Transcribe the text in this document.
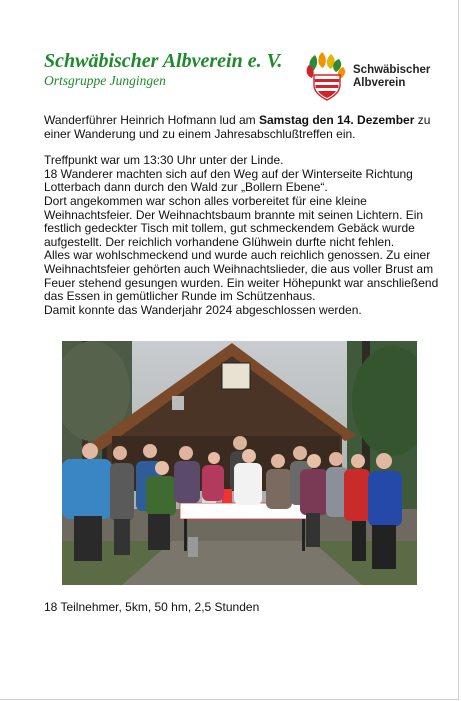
Schwäbischer Albverein e. V.
Ortsgruppe Jungingen
Schwäbischer
Albverein

Wanderführer Heinrich Hofmann lud am Samstag den 14. Dezember zu einer Wanderung und zu einem Jahresabschlußtreffen ein.

Treffpunkt war um 13:30 Uhr unter der Linde.

18 Wanderer machten sich auf den Weg auf der Winterseite Richtung Lotterbach dann durch den Wald zur „Bollern Ebene“.

Dort angekommen war schon alles vorbereitet für eine kleine Weihnachtsfeier. Der Weihnachtsbaum brannte mit seinen Lichtern. Ein festlich gedeckter Tisch mit tollem, gut schmeckendem Gebäck wurde aufgestellt. Der reichlich vorhandene Glühwein durfte nicht fehlen.

Alles war wohlschmeckend und wurde auch reichlich genossen. Zu einer Weihnachtsfeier gehörten auch Weihnachtslieder, die aus voller Brust am Feuer stehend gesungen wurden. Ein weiter Höhepunkt war anschließend das Essen in gemütlicher Runde im Schützenhaus.

Damit konnte das Wanderjahr 2024 abgeschlossen werden.

18 Teilnehmer, 5km, 50 hm, 2,5 Stunden
